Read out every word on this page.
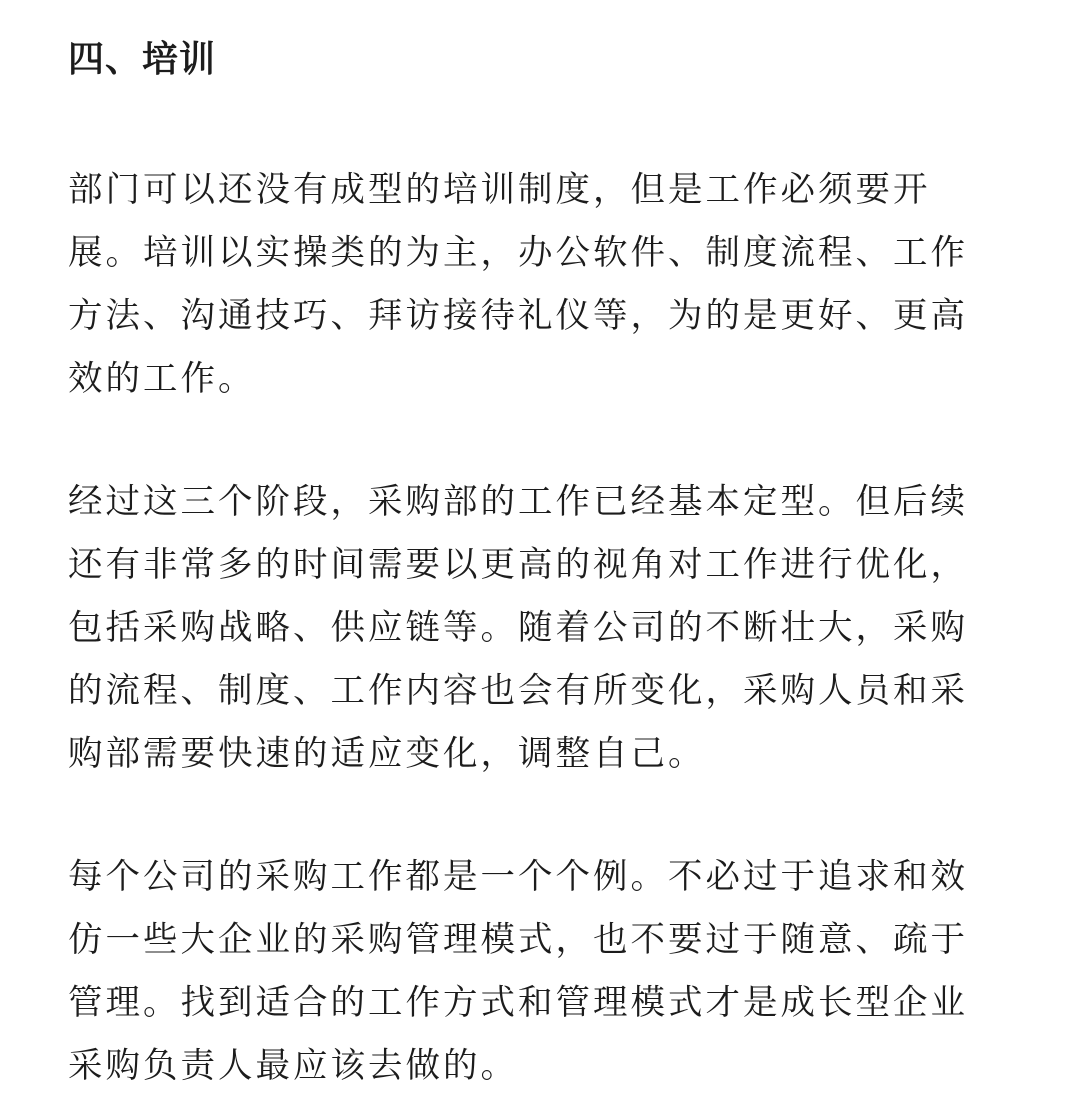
四、培训

部门可以还没有成型的培训制度，但是工作必须要开
展。培训以实操类的为主，办公软件、制度流程、工作
方法、沟通技巧、拜访接待礼仪等，为的是更好、更高
效的工作。

经过这三个阶段，采购部的工作已经基本定型。但后续
还有非常多的时间需要以更高的视角对工作进行优化，
包括采购战略、供应链等。随着公司的不断壮大，采购
的流程、制度、工作内容也会有所变化，采购人员和采
购部需要快速的适应变化，调整自己。

每个公司的采购工作都是一个个例。不必过于追求和效
仿一些大企业的采购管理模式，也不要过于随意、疏于
管理。找到适合的工作方式和管理模式才是成长型企业
采购负责人最应该去做的。
